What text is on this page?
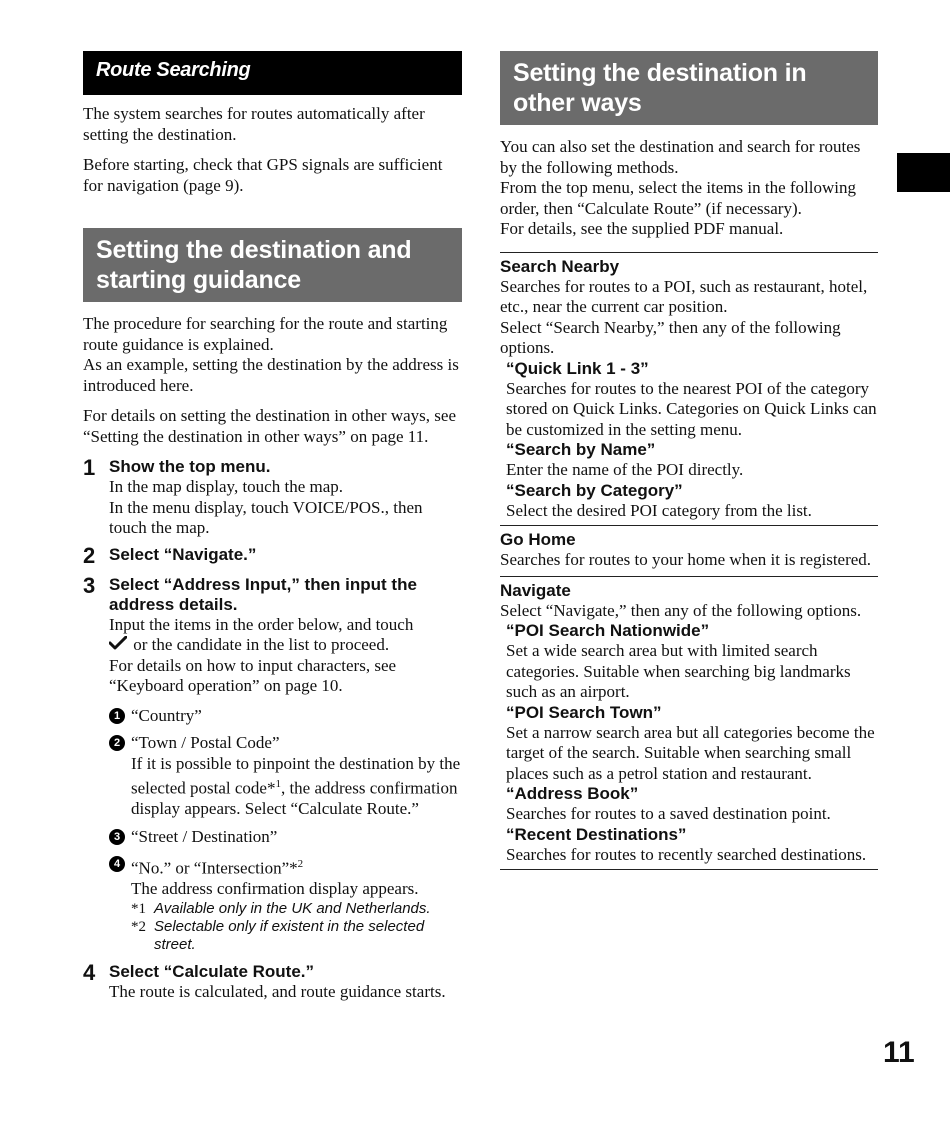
Route Searching

The system searches for routes automatically after setting the destination.

Before starting, check that GPS signals are sufficient for navigation (page 9).

Setting the destination and starting guidance

The procedure for searching for the route and starting route guidance is explained.

As an example, setting the destination by the address is introduced here.

For details on setting the destination in other ways, see “Setting the destination in other ways” on page 11.

1 Show the top menu.

In the map display, touch the map.

In the menu display, touch VOICE/POS., then touch the map.

2 Select “Navigate.”
3 Select “Address Input,” then input the address details.

Input the items in the order below, and touch
or the candidate in the list to proceed.

For details on how to input characters, see “Keyboard operation” on page 10.

1 “Country”

2 “Town / Postal Code”

If it is possible to pinpoint the destination by the selected postal code*$^1$, the address confirmation display appears. Select “Calculate Route.”

3 “Street / Destination”

4 “No.” or “Intersection”*$^2$

The address confirmation display appears.

*1 Available only in the UK and Netherlands.
*2 Selectable only if existent in the selected street.
4 Select “Calculate Route.”

The route is calculated, and route guidance starts.

Setting the destination in other ways

You can also set the destination and search for routes by the following methods.

From the top menu, select the items in the following order, then “Calculate Route” (if necessary).

For details, see the supplied PDF manual.

Search Nearby

Searches for routes to a POI, such as restaurant, hotel, etc., near the current car position.

Select “Search Nearby,” then any of the following options.

“Quick Link 1 - 3”

Searches for routes to the nearest POI of the category stored on Quick Links. Categories on Quick Links can be customized in the setting menu.

“Search by Name”

Enter the name of the POI directly.

“Search by Category”

Select the desired POI category from the list.

Go Home

Searches for routes to your home when it is registered.

Navigate

Select “Navigate,” then any of the following options.

“POI Search Nationwide”

Set a wide search area but with limited search categories. Suitable when searching big landmarks such as an airport.

“POI Search Town”

Set a narrow search area but all categories become the target of the search. Suitable when searching small places such as a petrol station and restaurant.

“Address Book”

Searches for routes to a saved destination point.

“Recent Destinations”

Searches for routes to recently searched destinations.

11
